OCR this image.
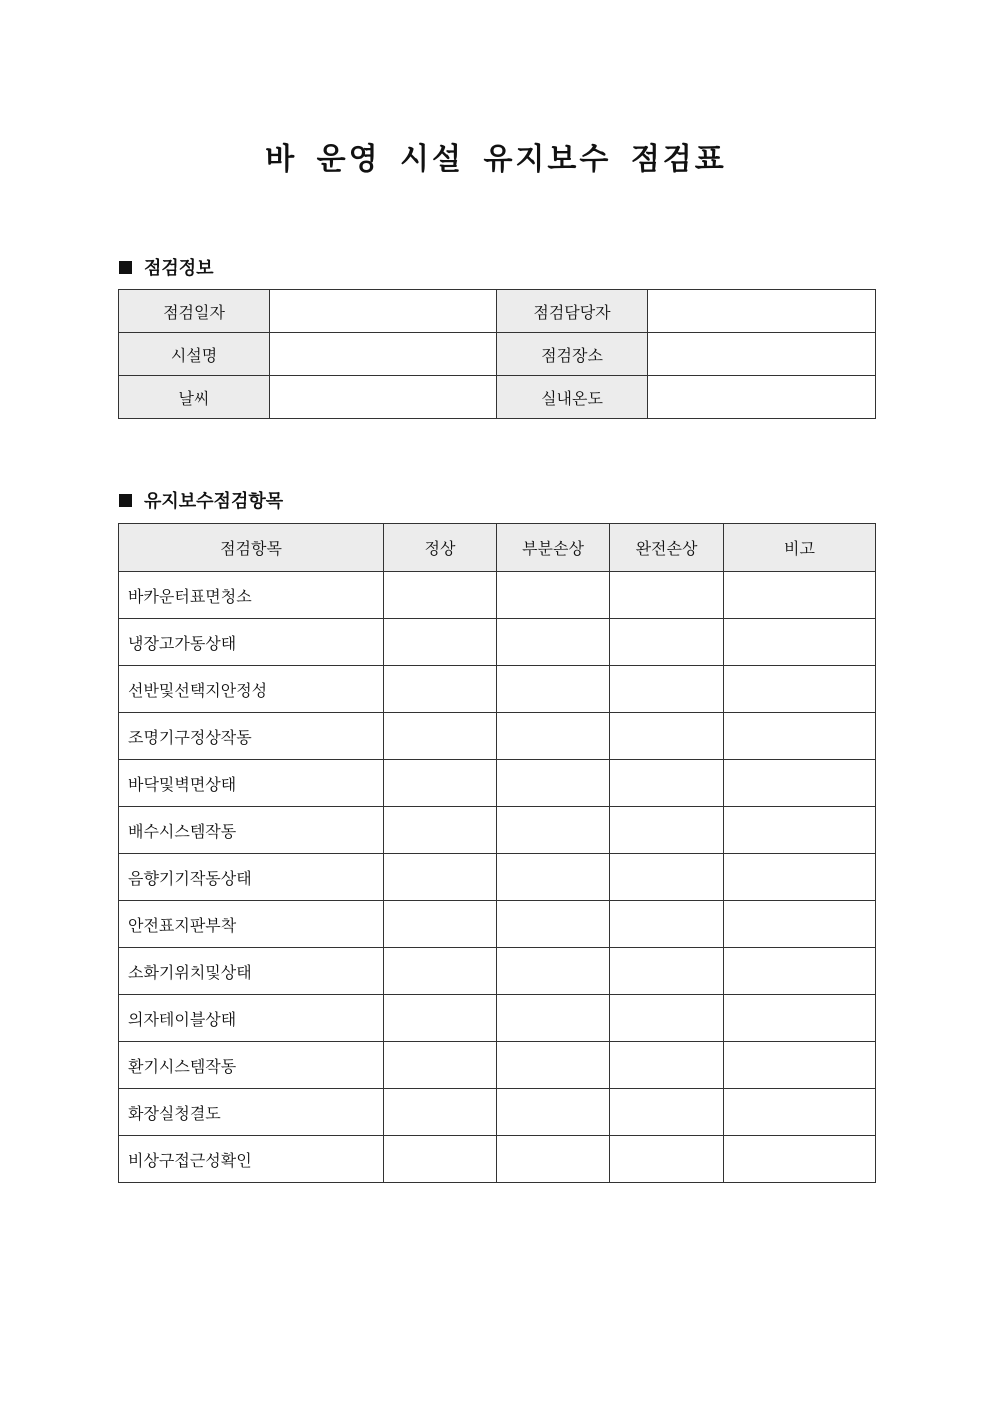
바 운영 시설 유지보수 점검표
점검정보
점검일자		점검담당자	
시설명		점검장소	
날씨		실내온도	
유지보수점검항목
점검항목	정상	부분손상	완전손상	비고
바카운터표면청소				
냉장고가동상태				
선반및선택지안정성				
조명기구정상작동				
바닥및벽면상태				
배수시스템작동				
음향기기작동상태				
안전표지판부착				
소화기위치및상태				
의자테이블상태				
환기시스템작동				
화장실청결도				
비상구접근성확인				
